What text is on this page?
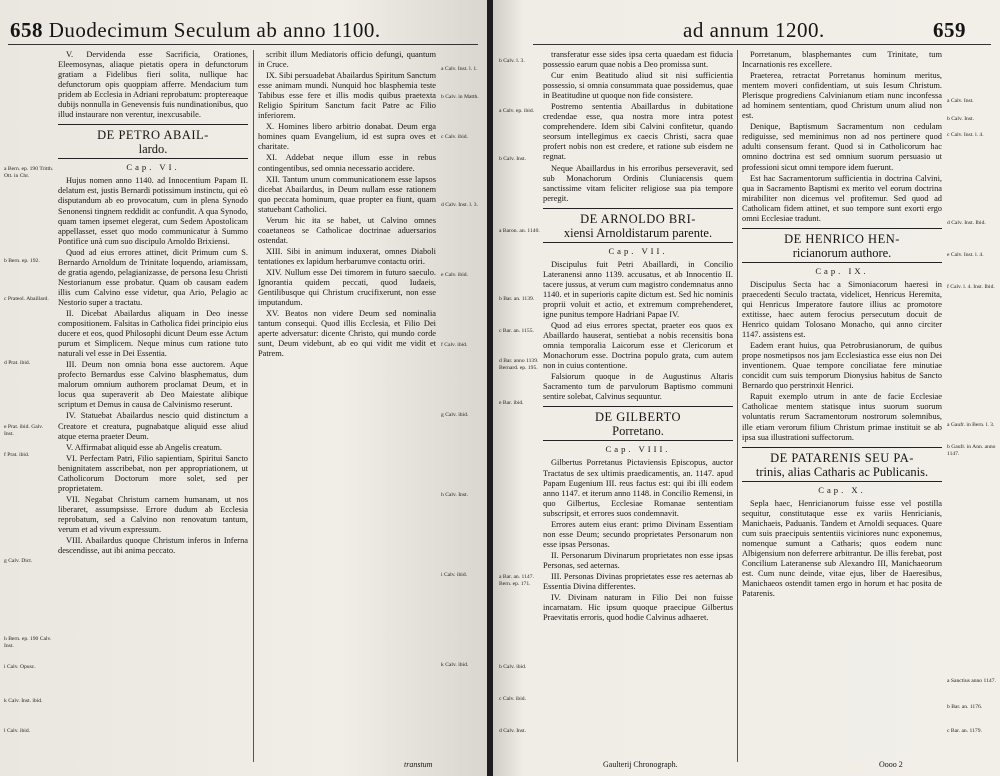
658 Duodecimum Seculum ab anno 1100.
a Bern. ep. 190 Tritth. Ott. in Chr.
b Bern. ep. 192.
c Prateol. Abaillard.
d Prat. ibid.
e Prat. ibid. Galv. Inst.
f Prat. ibid.
g Calv. Dict.
h Bern. ep. 190 Calv. Inst.
i Calv. Opusc.
k Calv. Inst. ibid.
l Calv. ibid.

V. Dervidenda esse Sacrificia, Orationes, Eleemosynas, aliaque pietatis opera in defunctorum gratiam a Fidelibus fieri solita, nullique hac defunctorum opis quoppiam afferre. Mendacium tum pridem ab Ecclesia in Adriani reprobatum: proptereaque dubijs nonnulla in Genevensis fuis nundinationibus, quo illud instaurare non verentur, inexcusabile.

DE PETRO ABAIL-
lardo.
Cap. VI.

Hujus nomen anno 1140. ad Innocentium Papam II. delatum est, justis Bernardi potissimum instinctu, qui eò disputandum ab eo provocatum, cum in plena Synodo Senonensi tingnem reddidit ac confundit. A qua Synodo, quam tamen ipsemet elegerat, cum Sedem Apostolicam appellasset, esset quo modo communicatur à Summo Pontifice unà cum suo discipulo Arnoldo Brixiensi.

Quod ad eius errores attinet, dicit Primum cum S. Bernardo Arnoldum de Trinitate loquendo, ariamissam, de gratia agendo, pelagianizasse, de persona Iesu Christi Nestorianum esse probatur. Quam ob causam eadem illis cum Calvino esse videtur, qua Ario, Pelagio ac Nestorio super a tractatu.

II. Dicebat Abailardus aliquam in Deo inesse compositionem. Falsitas in Catholica fidei principio eius ducere et eos, quod Philosophi dicunt Deum esse Actum purum et Simplicem. Neque minus cum ratione tuto naturali vel esse in Dei Essentia.

III. Deum non omnia bona esse auctorem. Aque profecto Bernardus esse Calvino blasphematus, dum malorum omnium authorem proclamat Deum, et in locus qua superaverit ab Deo Maiestate alibique scriptum et Demus in causa de Calvinismo reserunt.

IV. Statuebat Abailardus nescio quid distinctum a Creatore et creatura, pugnabatque aliquid esse aliud atque eterna praeter Deum.

V. Affirmabat aliquid esse ab Angelis creatum.

VI. Perfectam Patri, Filio sapientiam, Spiritui Sancto benignitatem asscribebat, non per appropriationem, ut Catholicorum Doctorum more solet, sed per proprietatem.

VII. Negabat Christum carnem humanam, ut nos liberaret, assumpsisse. Errore dudum ab Ecclesia reprobatum, sed a Calvino non renovatum tantum, verum et ad vivum expressum.

VIII. Abailardus quoque Christum inferos in Inferna descendisse, aut ibi anima peccato.

scribit illum Mediatoris officio defungi, quantum in Cruce.

IX. Sibi persuadebat Abailardus Spiritum Sanctum esse animam mundi. Nunquid hoc blasphemia teste Tabibus esse fere et illis modis quibus praetexta Religio Spiritum Sanctum facit Patre ac Filio inferiorem.

X. Homines libero arbitrio donabat. Deum erga homines quam Evangelium, id est supra oves et charitate.

XI. Addebat neque illum esse in rebus contingentibus, sed omnia necessario accidere.

XII. Tantum unum communicationem esse lapsos dicebat Abailardus, in Deum nullam esse rationem quo peccata hominum, quae propter ea fiunt, quam statuebant Catholici.

Verum hic ita se habet, ut Calvino omnes coaetaneos se Catholicae doctrinae aduersarios ostendat.

XIII. Sibi in animum induxerat, omnes Diaboli tentationes ex lapidum herbarumve contactu oriri.

XIV. Nullum esse Dei timorem in futuro saeculo. Ignorantia quidem peccati, quod Iudaeis, Gentilibusque qui Christum crucifixerunt, non esse imputandum.

XV. Beatos non videre Deum sed nominalia tantum consequi. Quod illis Ecclesia, et Filio Dei aperte adversatur: dicente Christo, qui mundo corde sunt, Deum videbunt, ab eo qui vidit me vidit et Patrem.

transtum
a Calv. Inst. l. 1.
b Calv. in Matth.
c Calv. ibid.
d Calv. Inst. l. 3.
e Calv. ibid.
f Calv. ibid.
g Calv. ibid.
h Calv. Inst.
i Calv. ibid.
k Calv. ibid.
ad annum 1200.	659
b Calv. l. 3.
a Calv. ep. ibid.
b Calv. Inst.
a Baron. an. 1140.
b Bar. an. 1139.
c Bar. an. 1155.
d Bar. anno 1139. Bernard. ep. 195.
e Bar. ibid.
a Bar. an. 1147. Bern. ep. 171.
b Calv. ibid.
c Calv. ibid.
d Calv. Inst.

transferatur esse sides ipsa certa quaedam est fiducia possessio earum quae nobis a Deo promissa sunt.

Cur enim Beatitudo aliud sit nisi sufficientia possessio, si omnia consummata quae possidemus, quae in Beatitudine ut quoque non fide consistere.

Postremo sententia Abaillardus in dubitatione credendae esse, qua nostra more intra potest comprehendere. Idem sibi Calvini confitetur, quando seorsum intellegimus ex caecis Christi, sacra quae profert nobis non est credere, et ratione sub eisdem ne regnat.

Neque Abaillardus in his erroribus perseveravit, sed sub Monachorum Ordinis Cluniacensis quem sanctissime vitam feliciter religiose sua pia tempore peregit.

DE ARNOLDO BRI-
xiensi Arnoldistarum parente.
Cap. VII.

Discipulus fuit Petri Abaillardi, in Concilio Lateranensi anno 1139. accusatus, et ab Innocentio II. tacere jussus, at verum cum magistro condemnatus anno 1140. et in superioris capite dictum est. Sed hic nominis proprii voluit et actio, et extremum comprehenderet, igne punitus tempore Hadriani Papae IV.

Quod ad eius errores spectat, praeter eos quos ex Abaillardo hauserat, sentiebat a nobis recensitis bona omnia temporalia Laicorum esse et Clericorum et Monachorum esse. Doctrina populo grata, cum autem non in cuius contentione.

Falsiorum quoque in de Augustinus Altaris Sacramento tum de parvulorum Baptismo communi sentire solebat, Calvinus sequuntur.

DE GILBERTO
Porretano.
Cap. VIII.

Gilbertus Porretanus Pictaviensis Episcopus, auctor Tractatus de sex ultimis praedicamentis, an. 1147. apud Papam Eugenium III. reus factus est: qui ibi illi eodem anno 1147. et iterum anno 1148. in Concilio Remensi, in quo Gilbertus, Ecclesiae Romanae sententiam subscripsit, et errores suos condemnavit.

Errores autem eius erant: primo Divinam Essentiam non esse Deum; secundo proprietates Personarum non esse ipsas Personas.

II. Personarum Divinarum proprietates non esse ipsas Personas, sed aeternas.

III. Personas Divinas proprietates esse res aeternas ab Essentia Divina differentes.

IV. Divinam naturam in Filio Dei non fuisse incarnatam. Hic ipsum quoque praecipue Gilbertus Praevitatis erroris, quod hodie Calvinus adhaeret.

Gaulterij Chronograph.

Porretanum, blasphemantes cum Trinitate, tum Incarnationis res excellere.

Praeterea, retractat Porretanus hominum meritus, mentem moveri confidentiam, ut suis Iesum Christum. Plerisque progrediens Calvinianum etiam nunc inconfessa ad hominem sententiam, quod Christum unum aliud non est.

Denique, Baptismum Sacramentum non cedulam rediguisse, sed meminimus non ad nos pertinere quod adulti consensum ferant. Quod si in Catholicorum hac omnino doctrina est sed omnium suorum persuasio ut professioni sicut omni tempore idem fuerunt.

Est hac Sacramentorum sufficientia in doctrina Calvini, qua in Sacramento Baptismi ex merito vel eorum doctrina mirabiliter non dicemus vel profitemur. Sed quod ad Catholicam fidem attinet, et suo tempore sunt exorti ergo omni Ecclesiae tradunt.

DE HENRICO HEN-
ricianorum authore.
Cap. IX.

Discipulus Secta hac a Simoniacorum haeresi in praecedenti Seculo tractata, videlicet, Henricus Heremita, qui Henricus Imperatore fautore illius ac promotore extitisse, haec autem ferocius persecutum docuit de Henrico quidam Tolosano Monacho, qui anno circiter 1147. assistens est.

Eadem erant huius, qua Petrobrusianorum, de quibus prope nosmetipsos nos jam Ecclesiastica esse eius non Dei inventionem. Quae tempore conciliatae fere minutiae concidit cum suis temporum Dionysius habitus de Sancto Bernardo quo perstrinxit Henrici.

Rapuit exemplo utrum in ante de facie Ecclesiae Catholicae mentem statisque intus suorum suorum voluntatis rerum Sacramentorum nostrorum solemnibus, ille etiam verorum filium Christum primae instituit se ab ipsa sua illustrationi suffectorum.

DE PATARENIS SEU PA-
trinis, alias Catharis ac Publicanis.
Cap. X.

Sepla haec, Henricianorum fuisse esse vel postilla sequitur, constitutaque esse ex variis Henricianis, Manichaeis, Paduanis. Tandem et Arnoldi sequaces. Quare cum suis praecipuis sententiis viciniores nunc exponemus, nomenque sumunt a Catharis; quos eodem nunc Albigensium non deferrere arbitrantur. De illis ferebat, post Concilium Lateranense sub Alexandro III, Manichaeorum est. Cum nunc deinde, vitae ejus, liber de Haeresibus, Manichaeos ostendit tamen ergo in horum et hac posita de Patarenis.

Oooo 2
a Calv. Inst.
b Calv. Inst.
c Calv. Inst. l. 4.
d Calv. Inst. Ibid.
e Calv. Inst. l. 4.
f Calv. l. 4. Inst. Ibid.
a Gaufr. in Bern. l. 3.
b Gaufr. in Ann. anno 1147.
a Sanctius anno 1147.
b Bar. an. 1176.
c Bar. an. 1179.
